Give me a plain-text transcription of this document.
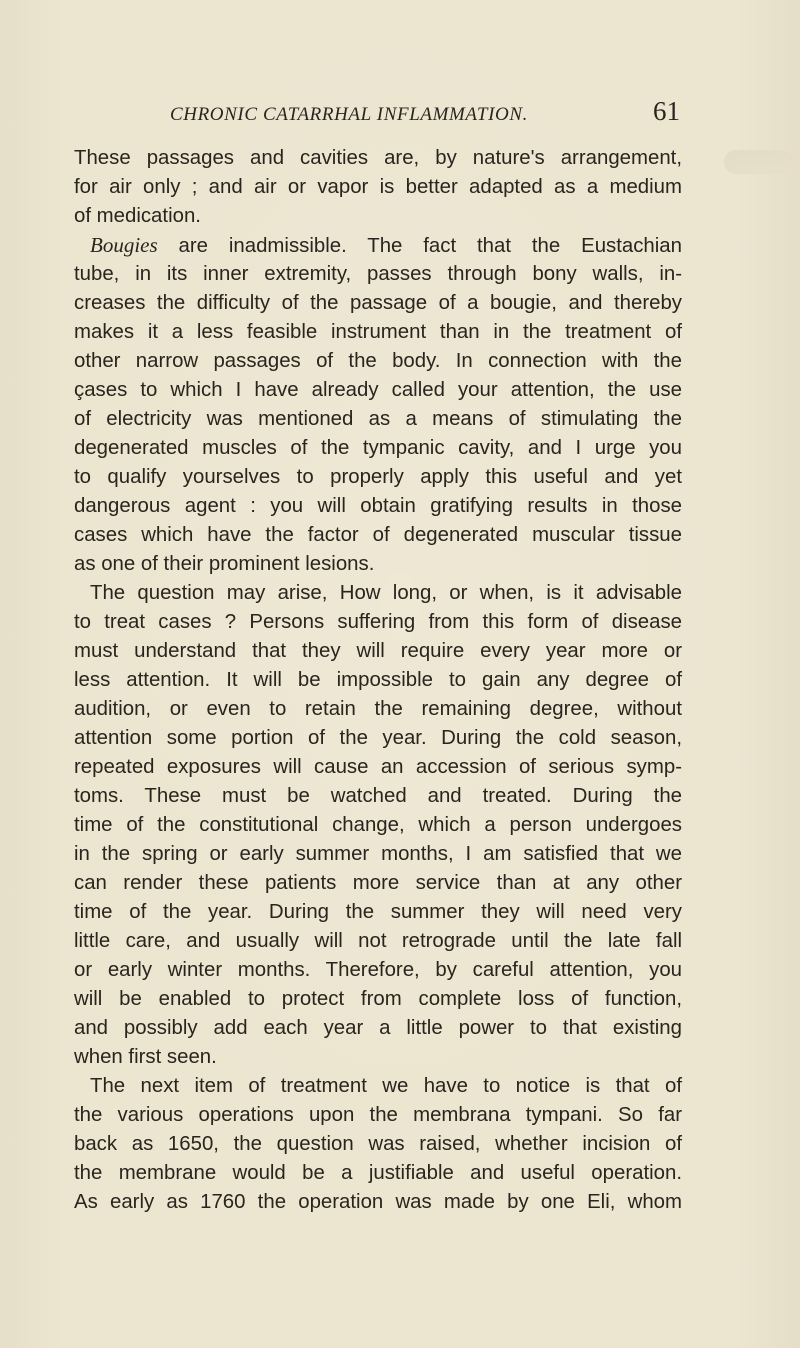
CHRONIC CATARRHAL INFLAMMATION.	61
These passages and cavities are, by nature's arrangement,
for air only ; and air or vapor is better adapted as a medium
of medication.
Bougies are inadmissible. The fact that the Eustachian
tube, in its inner extremity, passes through bony walls, in-
creases the difficulty of the passage of a bougie, and thereby
makes it a less feasible instrument than in the treatment of
other narrow passages of the body. In connection with the
çases to which I have already called your attention, the use
of electricity was mentioned as a means of stimulating the
degenerated muscles of the tympanic cavity, and I urge you
to qualify yourselves to properly apply this useful and yet
dangerous agent : you will obtain gratifying results in those
cases which have the factor of degenerated muscular tissue
as one of their prominent lesions.
The question may arise, How long, or when, is it advisable
to treat cases ? Persons suffering from this form of disease
must understand that they will require every year more or
less attention. It will be impossible to gain any degree of
audition, or even to retain the remaining degree, without
attention some portion of the year. During the cold season,
repeated exposures will cause an accession of serious symp-
toms. These must be watched and treated. During the
time of the constitutional change, which a person undergoes
in the spring or early summer months, I am satisfied that we
can render these patients more service than at any other
time of the year. During the summer they will need very
little care, and usually will not retrograde until the late fall
or early winter months. Therefore, by careful attention, you
will be enabled to protect from complete loss of function,
and possibly add each year a little power to that existing
when first seen.
The next item of treatment we have to notice is that of
the various operations upon the membrana tympani. So far
back as 1650, the question was raised, whether incision of
the membrane would be a justifiable and useful operation.
As early as 1760 the operation was made by one Eli, whom
